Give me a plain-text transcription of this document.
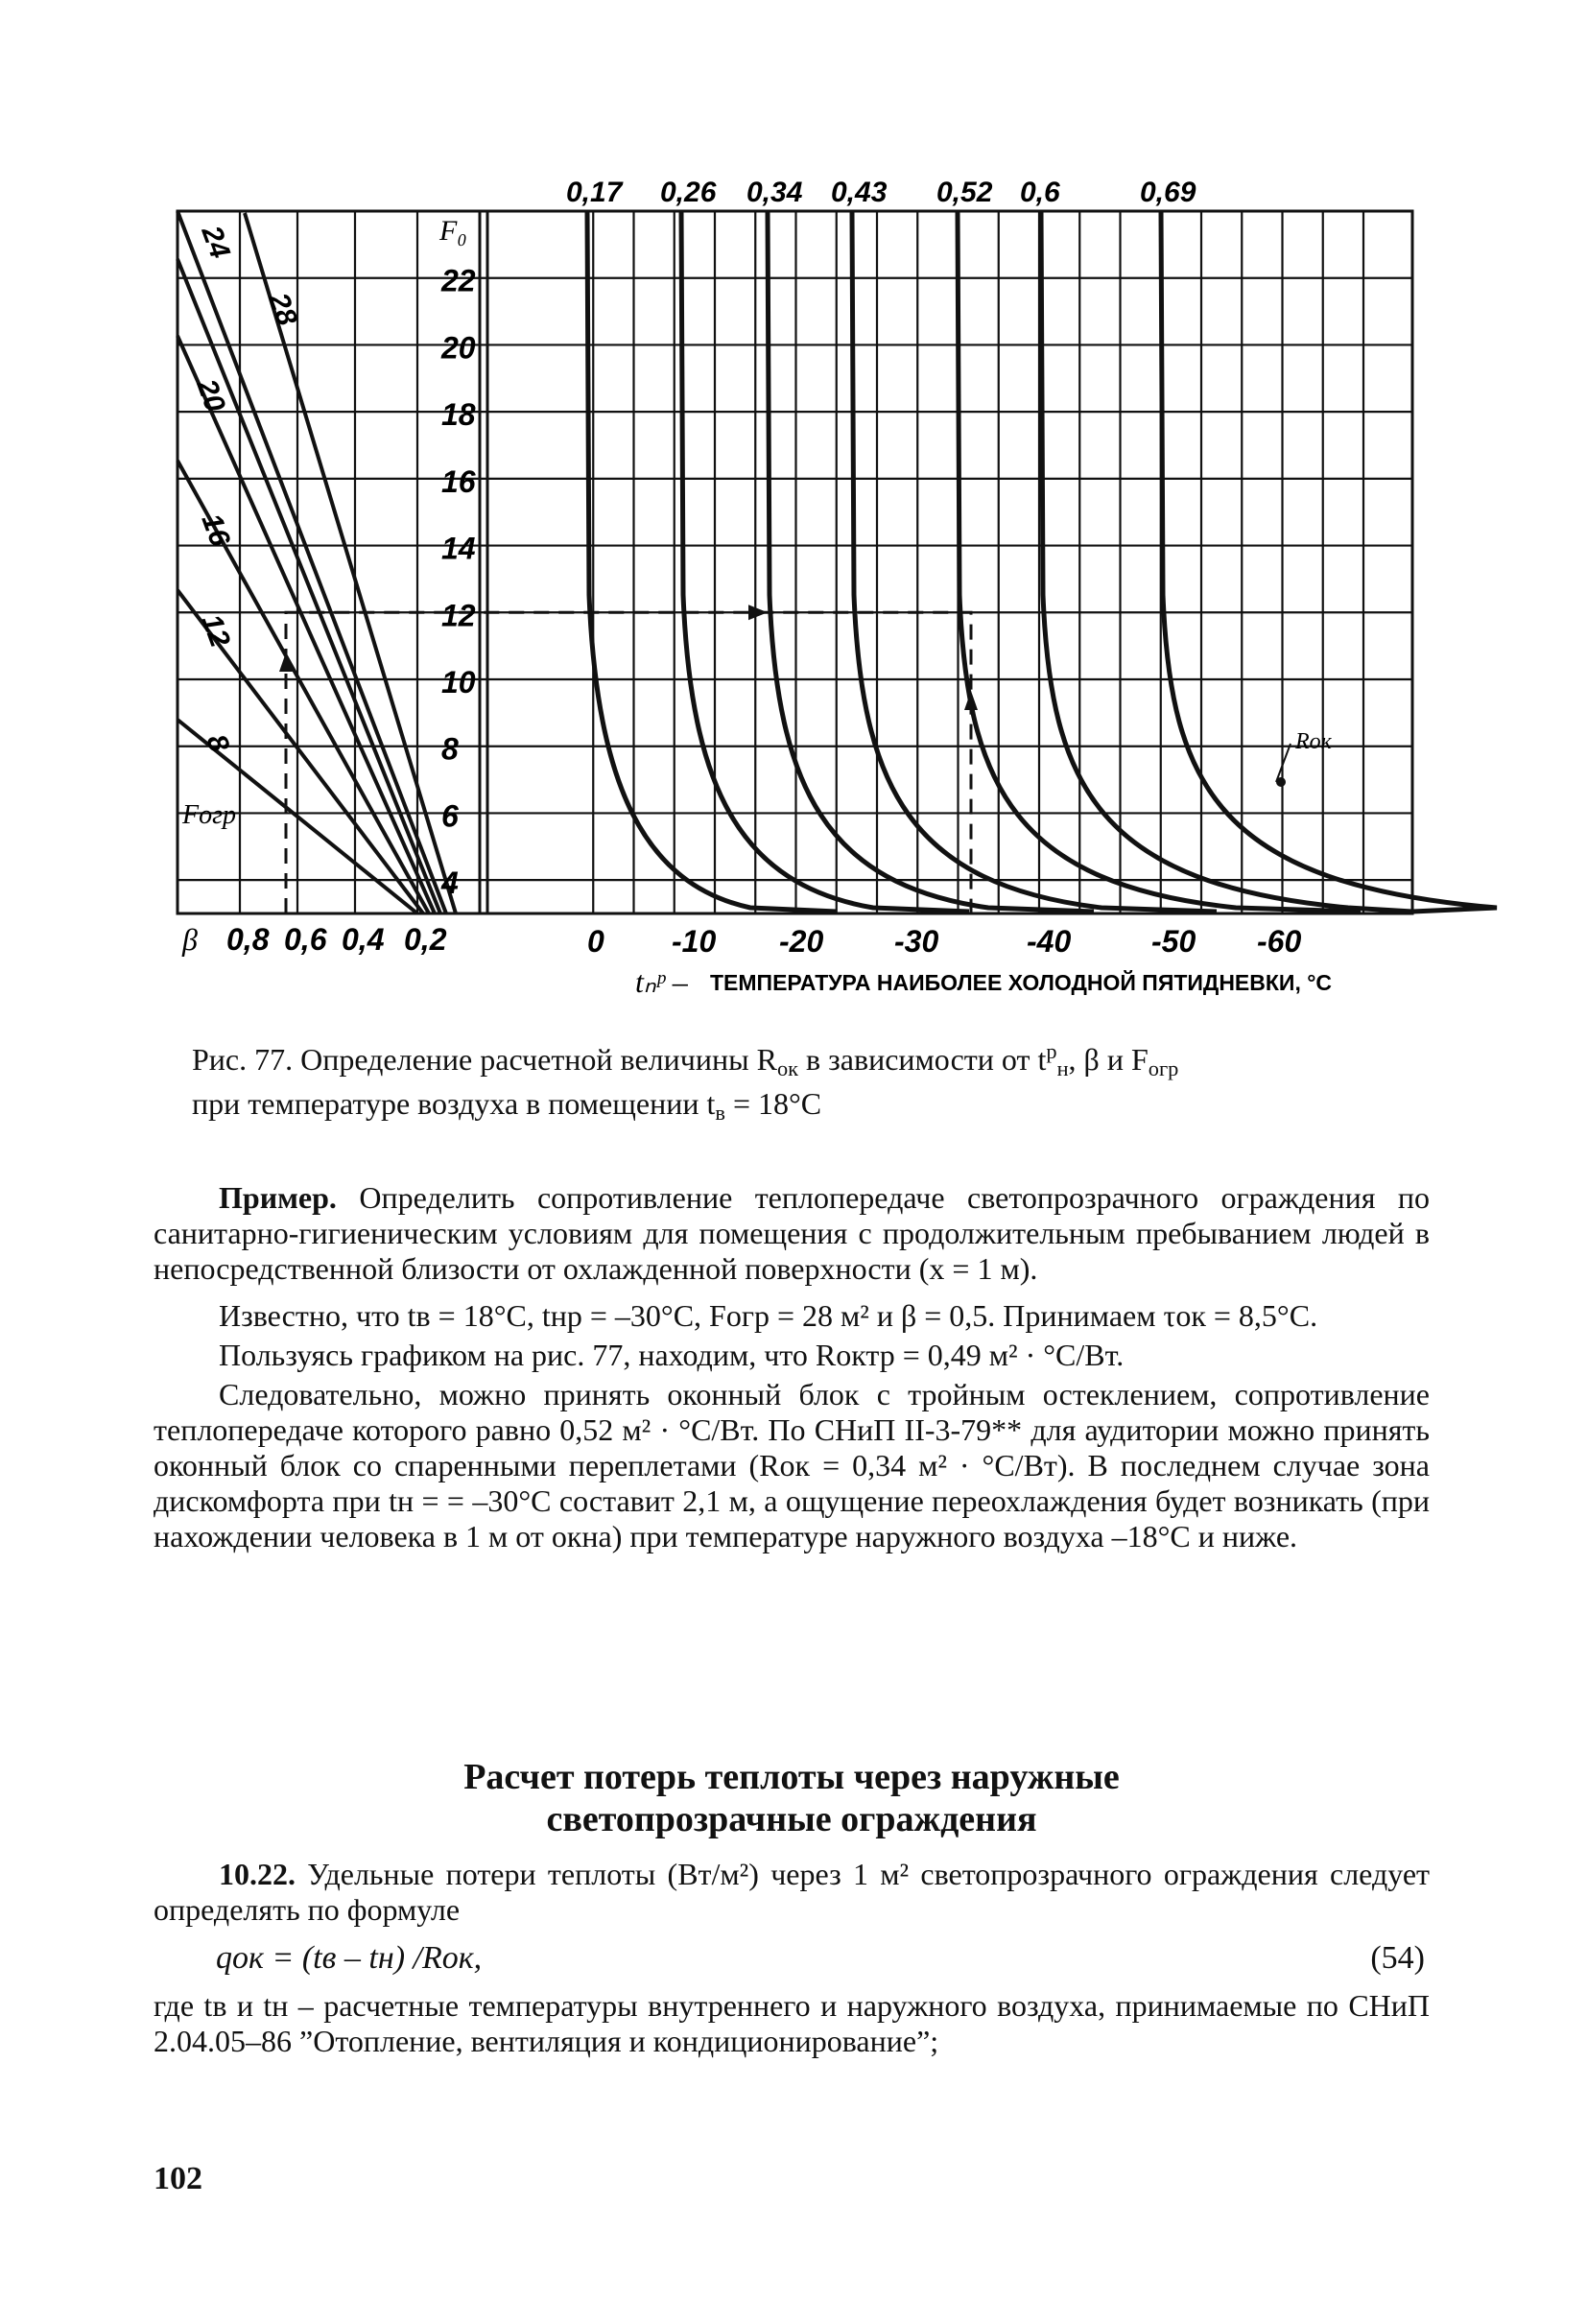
0,8 0,6 0,4 0,2
β
24
28
20
16
12
8
Fогр
22
20
18
16
14
12
10
8
6
4
F₀
0,17 0,26 0,34 0,43 0,52 0,6	0,69
Rок
0 -10 -20 -30	-40	-50 -60
tₙᵖ – ТЕМПЕРАТУРА НАИБОЛЕЕ ХОЛОДНОЙ ПЯТИДНЕВКИ, °С
Рис. 77. Определение расчетной величины $R_{ок}$ в зависимости от $t^р_н$, β и $F_{огр}$
при температуре воздуха в помещении $t_в = 18^\circ С$

Пример. Определить сопротивление теплопередаче светопрозрачного ограждения по санитарно-гигиеническим условиям для помещения с продолжительным пребыванием людей в непосредственной близости от охлажденной поверхности (x = 1 м).

Известно, что tв = 18°С, tнр = –30°С, Fогр = 28 м² и β = 0,5. Принимаем τок = 8,5°С.

Пользуясь графиком на рис. 77, находим, что Rоктр = 0,49 м² · °С/Вт.

Следовательно, можно принять оконный блок с тройным остеклением, сопротивление теплопередаче которого равно 0,52 м² · °С/Вт. По СНиП II-3-79** для аудитории можно принять оконный блок со спаренными переплетами (Rок = 0,34 м² · °С/Вт). В последнем случае зона дискомфорта при tн = = –30°С составит 2,1 м, а ощущение переохлаждения будет возникать (при нахождении человека в 1 м от окна) при температуре наружного воздуха –18°С и ниже.

Расчет потерь теплоты через наружные
светопрозрачные ограждения

10.22. Удельные потери теплоты (Вт/м²) через 1 м² светопрозрачного ограждения следует определять по формуле

qок = (tв – tн) /Rок,	(54)

где tв и tн – расчетные температуры внутреннего и наружного воздуха, принимаемые по СНиП 2.04.05–86 ”Отопление, вентиляция и кондиционирование”;

102
